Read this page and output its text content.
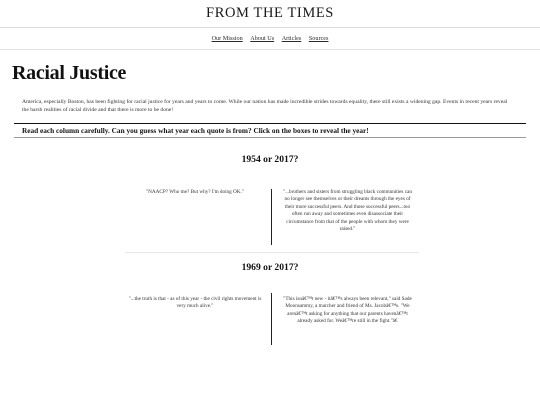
FROM THE TIMES
Our Mission About Us Articles Sources
Racial Justice

America, especially Boston, has been fighting for racial justice for years and years to come. While our nation has made incredible strides towards equality, there still exists a widening gap. Events in recent years reveal the harsh realities of racial divide and that there is more to be done!

Read each column carefully. Can you guess what year each quote is from? Click on the boxes to reveal the year!
1954 or 2017?
"NAACP? Who me? But why? I'm doing OK."	"...brothers and sisters from struggling black communities can no longer see themselves or their dreams through the eyes of their more successful peers. And those successful peers...too often run away and sometimes even disassociate their circumstance from that of the people with whom they were raised."
1969 or 2017?
"...the truth is that - as of this year - the civil rights movement is very much alive."
"This isnâ€™t new - itâ€™s always been relevant," said Sade Moonsammy, a marcher and friend of Ms. Jacobâ€™s. "We arenâ€™t asking for anything that our parents havenâ€™t already asked for. Weâ€™re still in the fight."â€
